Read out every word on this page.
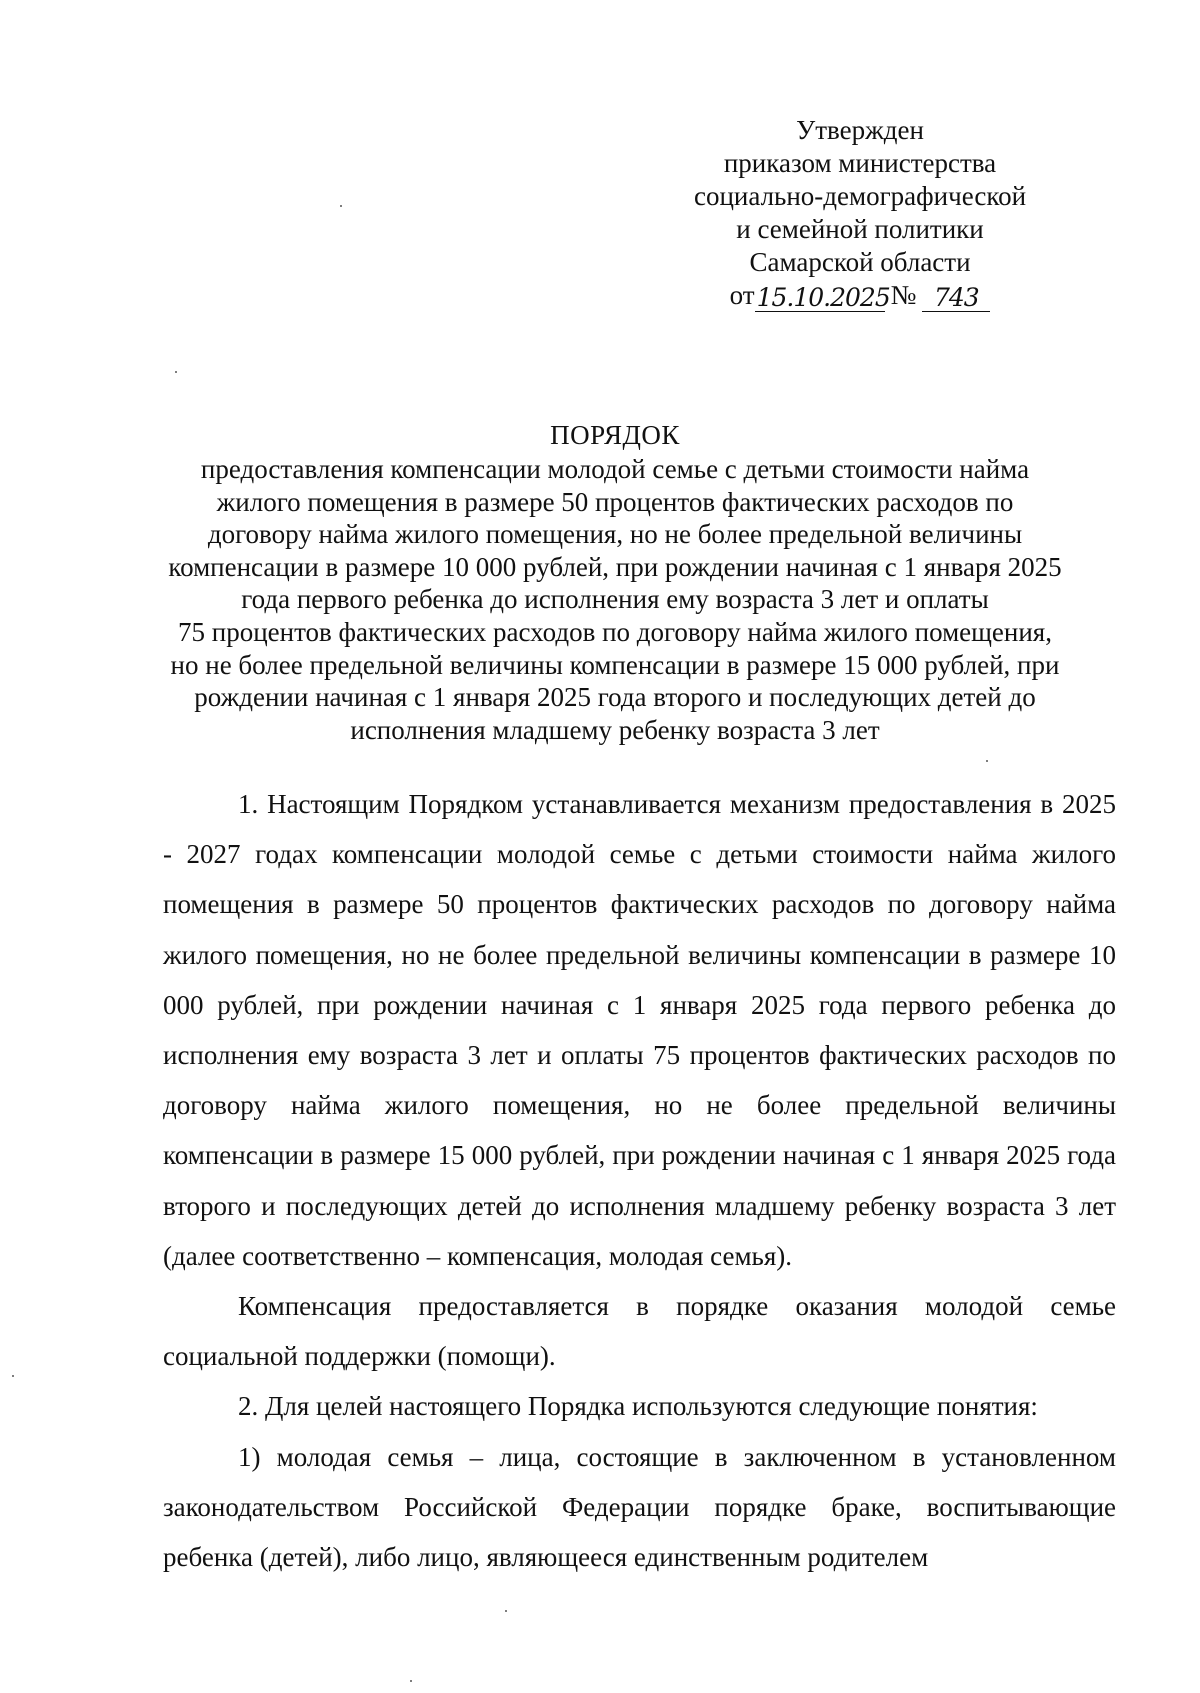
Утвержден
приказом министерства
социально-демографической
и семейной политики
Самарской области
от 15.10.2025 № 743
ПОРЯДОК
предоставления компенсации молодой семье с детьми стоимости найма
жилого помещения в размере 50 процентов фактических расходов по
договору найма жилого помещения, но не более предельной величины
компенсации в размере 10 000 рублей, при рождении начиная с 1 января 2025
года первого ребенка до исполнения ему возраста 3 лет и оплаты
75 процентов фактических расходов по договору найма жилого помещения,
но не более предельной величины компенсации в размере 15 000 рублей, при
рождении начиная с 1 января 2025 года второго и последующих детей до
исполнения младшему ребенку возраста 3 лет

1. Настоящим Порядком устанавливается механизм предоставления в 2025 - 2027 годах компенсации молодой семье с детьми стоимости найма жилого помещения в размере 50 процентов фактических расходов по договору найма жилого помещения, но не более предельной величины компенсации в размере 10 000 рублей, при рождении начиная с 1 января 2025 года первого ребенка до исполнения ему возраста 3 лет и оплаты 75 процентов фактических расходов по договору найма жилого помещения, но не более предельной величины компенсации в размере 15 000 рублей, при рождении начиная с 1 января 2025 года второго и последующих детей до исполнения младшему ребенку возраста 3 лет (далее соответственно – компенсация, молодая семья).

Компенсация предоставляется в порядке оказания молодой семье социальной поддержки (помощи).

2. Для целей настоящего Порядка используются следующие понятия:

1) молодая семья – лица, состоящие в заключенном в установленном законодательством Российской Федерации порядке браке, воспитывающие ребенка (детей), либо лицо, являющееся единственным родителем
